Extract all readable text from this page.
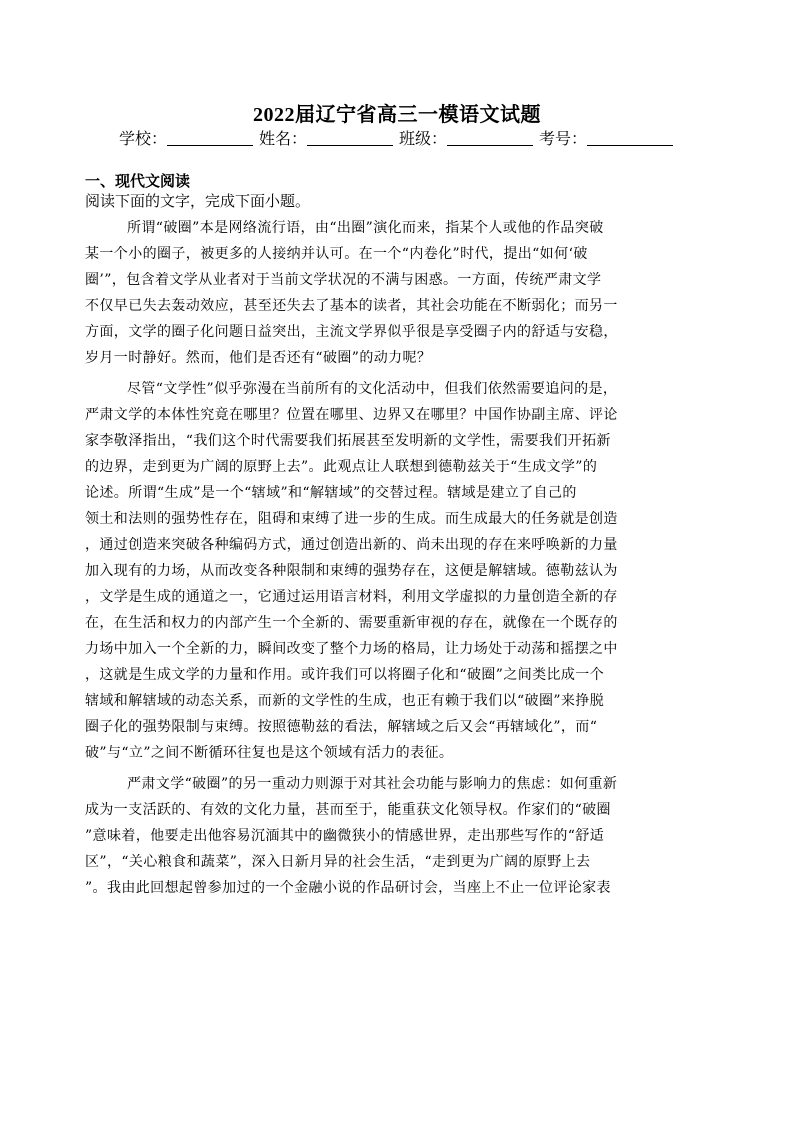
2022届辽宁省高三一模语文试题
学校：	姓名：	班级：	考号：
一、现代文阅读
阅读下面的文字，完成下面小题。
所谓“破圈”本是网络流行语，由“出圈”演化而来，指某个人或他的作品突破
某一个小的圈子，被更多的人接纳并认可。在一个“内卷化”时代，提出“如何‘破
圈’”，包含着文学从业者对于当前文学状况的不满与困惑。一方面，传统严肃文学
不仅早已失去轰动效应，甚至还失去了基本的读者，其社会功能在不断弱化；而另一
方面，文学的圈子化问题日益突出，主流文学界似乎很是享受圈子内的舒适与安稳，
岁月一时静好。然而，他们是否还有“破圈”的动力呢？
尽管“文学性”似乎弥漫在当前所有的文化活动中，但我们依然需要追问的是，
严肃文学的本体性究竟在哪里？位置在哪里、边界又在哪里？中国作协副主席、评论
家李敬泽指出，“我们这个时代需要我们拓展甚至发明新的文学性，需要我们开拓新
的边界，走到更为广阔的原野上去”。此观点让人联想到德勒兹关于“生成文学”的
论述。所谓“生成”是一个“辖域”和“解辖域”的交替过程。辖域是建立了自己的
领土和法则的强势性存在，阻碍和束缚了进一步的生成。而生成最大的任务就是创造
，通过创造来突破各种编码方式，通过创造出新的、尚未出现的存在来呼唤新的力量
加入现有的力场，从而改变各种限制和束缚的强势存在，这便是解辖域。德勒兹认为
，文学是生成的通道之一，它通过运用语言材料，利用文学虚拟的力量创造全新的存
在，在生活和权力的内部产生一个全新的、需要重新审视的存在，就像在一个既存的
力场中加入一个全新的力，瞬间改变了整个力场的格局，让力场处于动荡和摇摆之中
，这就是生成文学的力量和作用。或许我们可以将圈子化和“破圈”之间类比成一个
辖域和解辖域的动态关系，而新的文学性的生成，也正有赖于我们以“破圈”来挣脱
圈子化的强势限制与束缚。按照德勒兹的看法，解辖域之后又会“再辖域化”，而“
破”与“立”之间不断循环往复也是这个领域有活力的表征。
严肃文学“破圈”的另一重动力则源于对其社会功能与影响力的焦虑：如何重新
成为一支活跃的、有效的文化力量，甚而至于，能重获文化领导权。作家们的“破圈
”意味着，他要走出他容易沉湎其中的幽微狭小的情感世界，走出那些写作的“舒适
区”，“关心粮食和蔬菜”，深入日新月异的社会生活，“走到更为广阔的原野上去
”。我由此回想起曾参加过的一个金融小说的作品研讨会，当座上不止一位评论家表
